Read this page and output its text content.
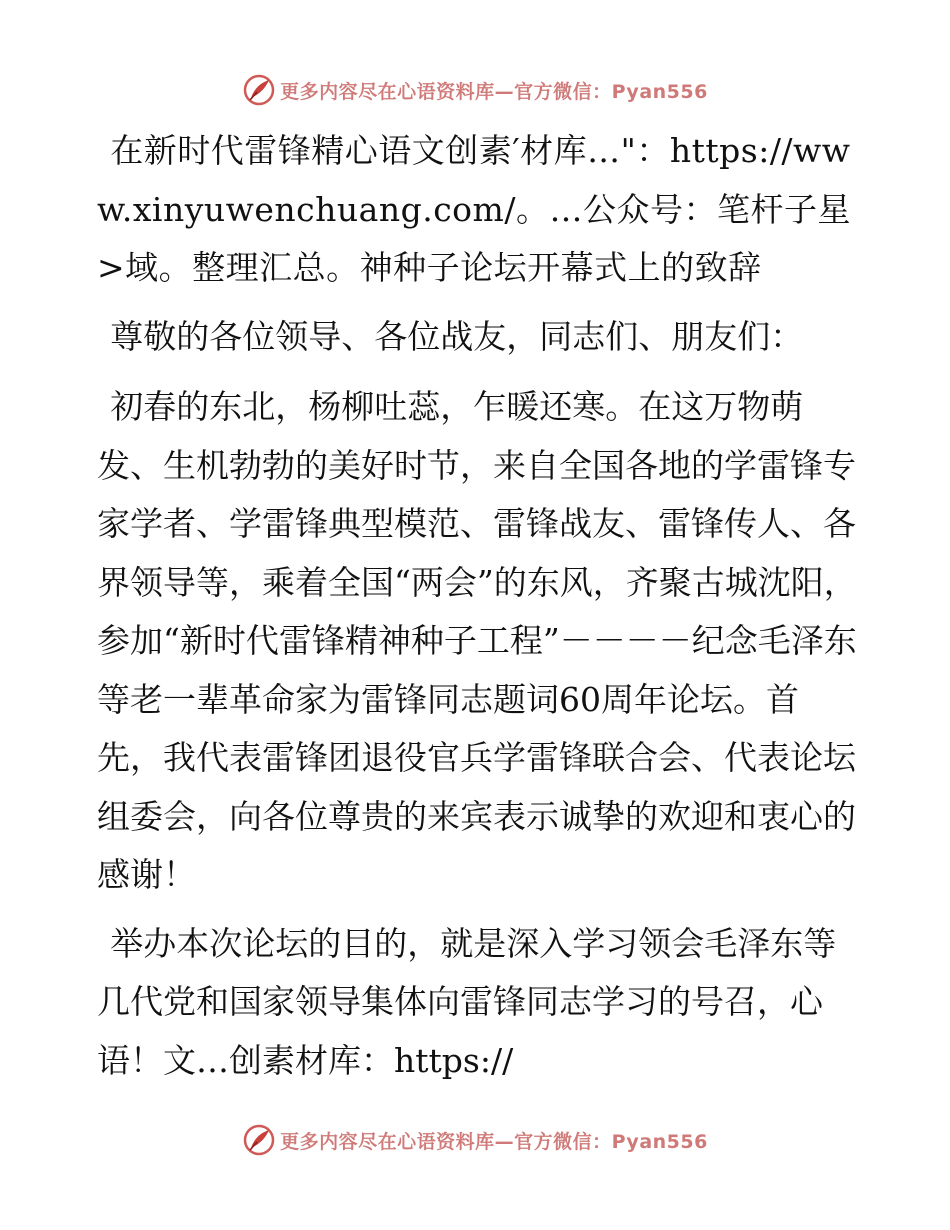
更多内容尽在心语资料库—官方微信：Pyan556

在新时代雷锋精心语文创素′材库…"：https://www.xinyuwenchuang.com/。…公众号：笔杆子星>域。整理汇总。神种子论坛开幕式上的致辞

尊敬的各位领导、各位战友，同志们、朋友们：

初春的东北，杨柳吐蕊，乍暖还寒。在这万物萌发、生机勃勃的美好时节，来自全国各地的学雷锋专家学者、学雷锋典型模范、雷锋战友、雷锋传人、各界领导等，乘着全国“两会”的东风，齐聚古城沈阳，参加“新时代雷锋精神种子工程”－－－－纪念毛泽东等老一辈革命家为雷锋同志题词60周年论坛。首先，我代表雷锋团退役官兵学雷锋联合会、代表论坛组委会，向各位尊贵的来宾表示诚挚的欢迎和衷心的感谢！

举办本次论坛的目的，就是深入学习领会毛泽东等几代党和国家领导集体向雷锋同志学习的号召，心语！文…创素材库：https://

更多内容尽在心语资料库—官方微信：Pyan556
